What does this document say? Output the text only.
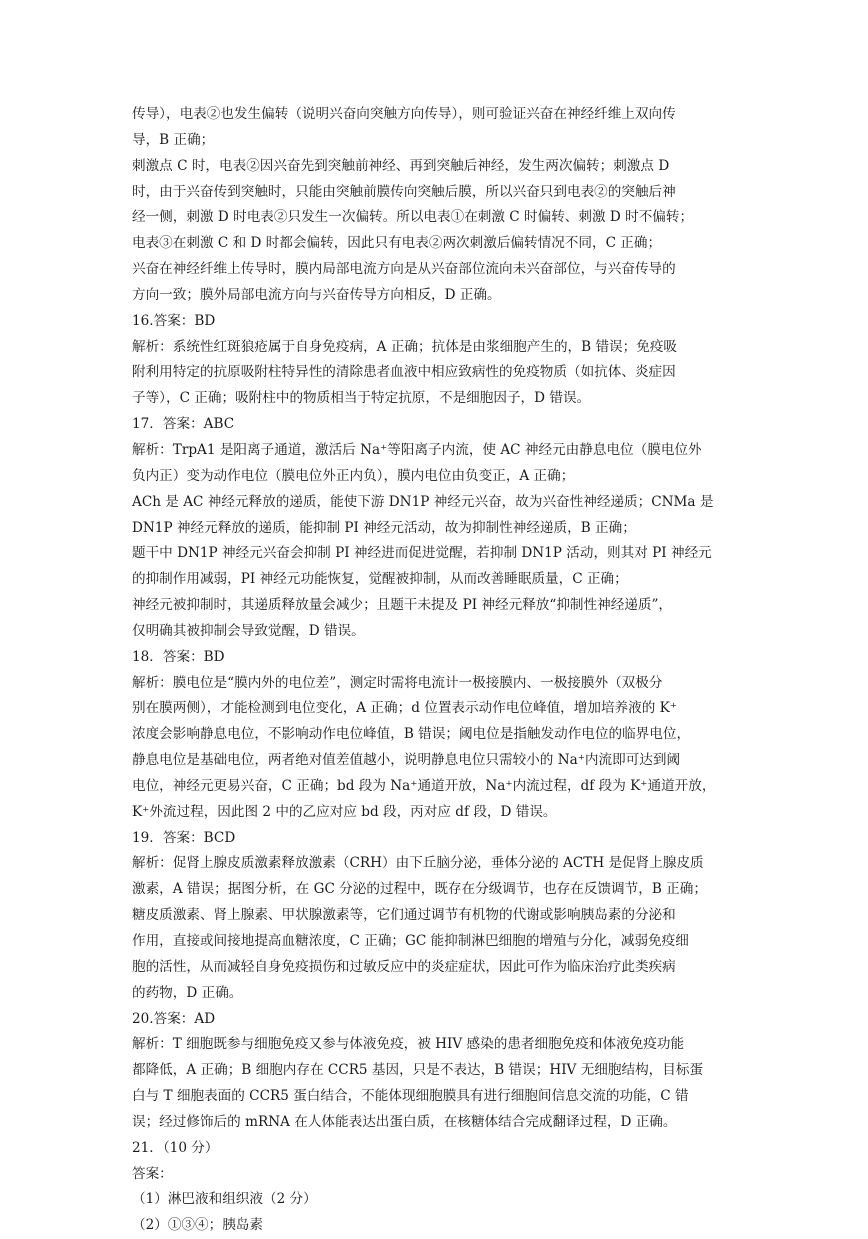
传导），电表②也发生偏转（说明兴奋向突触方向传导），则可验证兴奋在神经纤维上双向传
导，B 正确；
刺激点 C 时，电表②因兴奋先到突触前神经、再到突触后神经，发生两次偏转；刺激点 D
时，由于兴奋传到突触时，只能由突触前膜传向突触后膜，所以兴奋只到电表②的突触后神
经一侧，刺激 D 时电表②只发生一次偏转。所以电表①在刺激 C 时偏转、刺激 D 时不偏转；
电表③在刺激 C 和 D 时都会偏转，因此只有电表②两次刺激后偏转情况不同，C 正确；
兴奋在神经纤维上传导时，膜内局部电流方向是从兴奋部位流向未兴奋部位，与兴奋传导的
方向一致；膜外局部电流方向与兴奋传导方向相反，D 正确。
16.答案：BD
解析：系统性红斑狼疮属于自身免疫病，A 正确；抗体是由浆细胞产生的，B 错误；免疫吸
附利用特定的抗原吸附柱特异性的清除患者血液中相应致病性的免疫物质（如抗体、炎症因
子等），C 正确；吸附柱中的物质相当于特定抗原，不是细胞因子，D 错误。
17．答案：ABC
解析：TrpA1 是阳离子通道，激活后 Na⁺等阳离子内流，使 AC 神经元由静息电位（膜电位外
负内正）变为动作电位（膜电位外正内负），膜内电位由负变正，A 正确；
ACh 是 AC 神经元释放的递质，能使下游 DN1P 神经元兴奋，故为兴奋性神经递质；CNMa 是
DN1P 神经元释放的递质，能抑制 PI 神经元活动，故为抑制性神经递质，B 正确；
题干中 DN1P 神经元兴奋会抑制 PI 神经进而促进觉醒，若抑制 DN1P 活动，则其对 PI 神经元
的抑制作用减弱，PI 神经元功能恢复，觉醒被抑制，从而改善睡眠质量，C 正确；
神经元被抑制时，其递质释放量会减少；且题干未提及 PI 神经元释放“抑制性神经递质”，
仅明确其被抑制会导致觉醒，D 错误。
18．答案：BD
解析：膜电位是“膜内外的电位差”，测定时需将电流计一极接膜内、一极接膜外（双极分
别在膜两侧），才能检测到电位变化，A 正确；d 位置表示动作电位峰值，增加培养液的 K⁺
浓度会影响静息电位，不影响动作电位峰值，B 错误；阈电位是指触发动作电位的临界电位，
静息电位是基础电位，两者绝对值差值越小，说明静息电位只需较小的 Na⁺内流即可达到阈
电位，神经元更易兴奋，C 正确；bd 段为 Na⁺通道开放，Na⁺内流过程，df 段为 K⁺通道开放，
K⁺外流过程，因此图 2 中的乙应对应 bd 段，丙对应 df 段，D 错误。
19．答案：BCD
解析：促肾上腺皮质激素释放激素（CRH）由下丘脑分泌，垂体分泌的 ACTH 是促肾上腺皮质
激素，A 错误；据图分析，在 GC 分泌的过程中，既存在分级调节，也存在反馈调节，B 正确；
糖皮质激素、肾上腺素、甲状腺激素等，它们通过调节有机物的代谢或影响胰岛素的分泌和
作用，直接或间接地提高血糖浓度，C 正确；GC 能抑制淋巴细胞的增殖与分化，减弱免疫细
胞的活性，从而减轻自身免疫损伤和过敏反应中的炎症症状，因此可作为临床治疗此类疾病
的药物，D 正确。
20.答案：AD
解析：T 细胞既参与细胞免疫又参与体液免疫，被 HIV 感染的患者细胞免疫和体液免疫功能
都降低，A 正确；B 细胞内存在 CCR5 基因，只是不表达，B 错误；HIV 无细胞结构，目标蛋
白与 T 细胞表面的 CCR5 蛋白结合，不能体现细胞膜具有进行细胞间信息交流的功能，C 错
误；经过修饰后的 mRNA 在人体能表达出蛋白质，在核糖体结合完成翻译过程，D 正确。
21．（10 分）
答案：
（1）淋巴液和组织液（2 分）
（2）①③④；胰岛素
